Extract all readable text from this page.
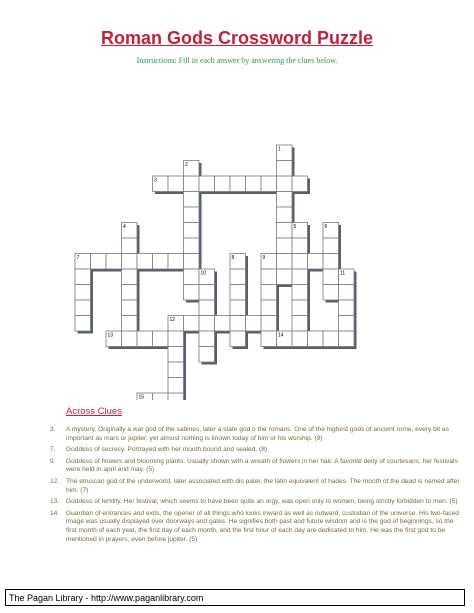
Roman Gods Crossword Puzzle
Instructions: Fill in each answer by answering the clues below.
1
2
3
4	5	6
7	8	9
10	11
12
13	14
15
Across Clues
3. A mystery. Originally a war god of the sabines, later a state god o the romans. One of the highest gods of ancient rome, every bit as important as mars or jupiter, yet almost nothing is known today of him or his worship. (9)
7. Goddess of secrecy. Portrayed with her mouth bound and sealed. (8)
9. Goddess of flowers and blooming plants. Usually shown with a wreath of flowers in her hair. A favorite deity of courtesans, her festivals were held in april and may. (5)
12. The etruscan god of the underworld, later associated with dis pater, the latin equivalent of hades. The month of the dead is named after him. (7)
13. Goddess of fertility. Her festival, which seems to have been quite an orgy, was open only to women, being strictly forbidden to men. (5)
14. Guardian of entrances and exits, the opener of all things who looks inward as well as outward, custodian of the universe. His two-faced image was usually displayed over doorways and gates. He signifies both past and future wisdom and is the god of beginnings, so the first month of each year, the first day of each month, and the first hour of each day are dedicated to him. He was the first god to be mentioned in prayers, even before jupiter. (5)
The Pagan Library - http://www.paganlibrary.com
